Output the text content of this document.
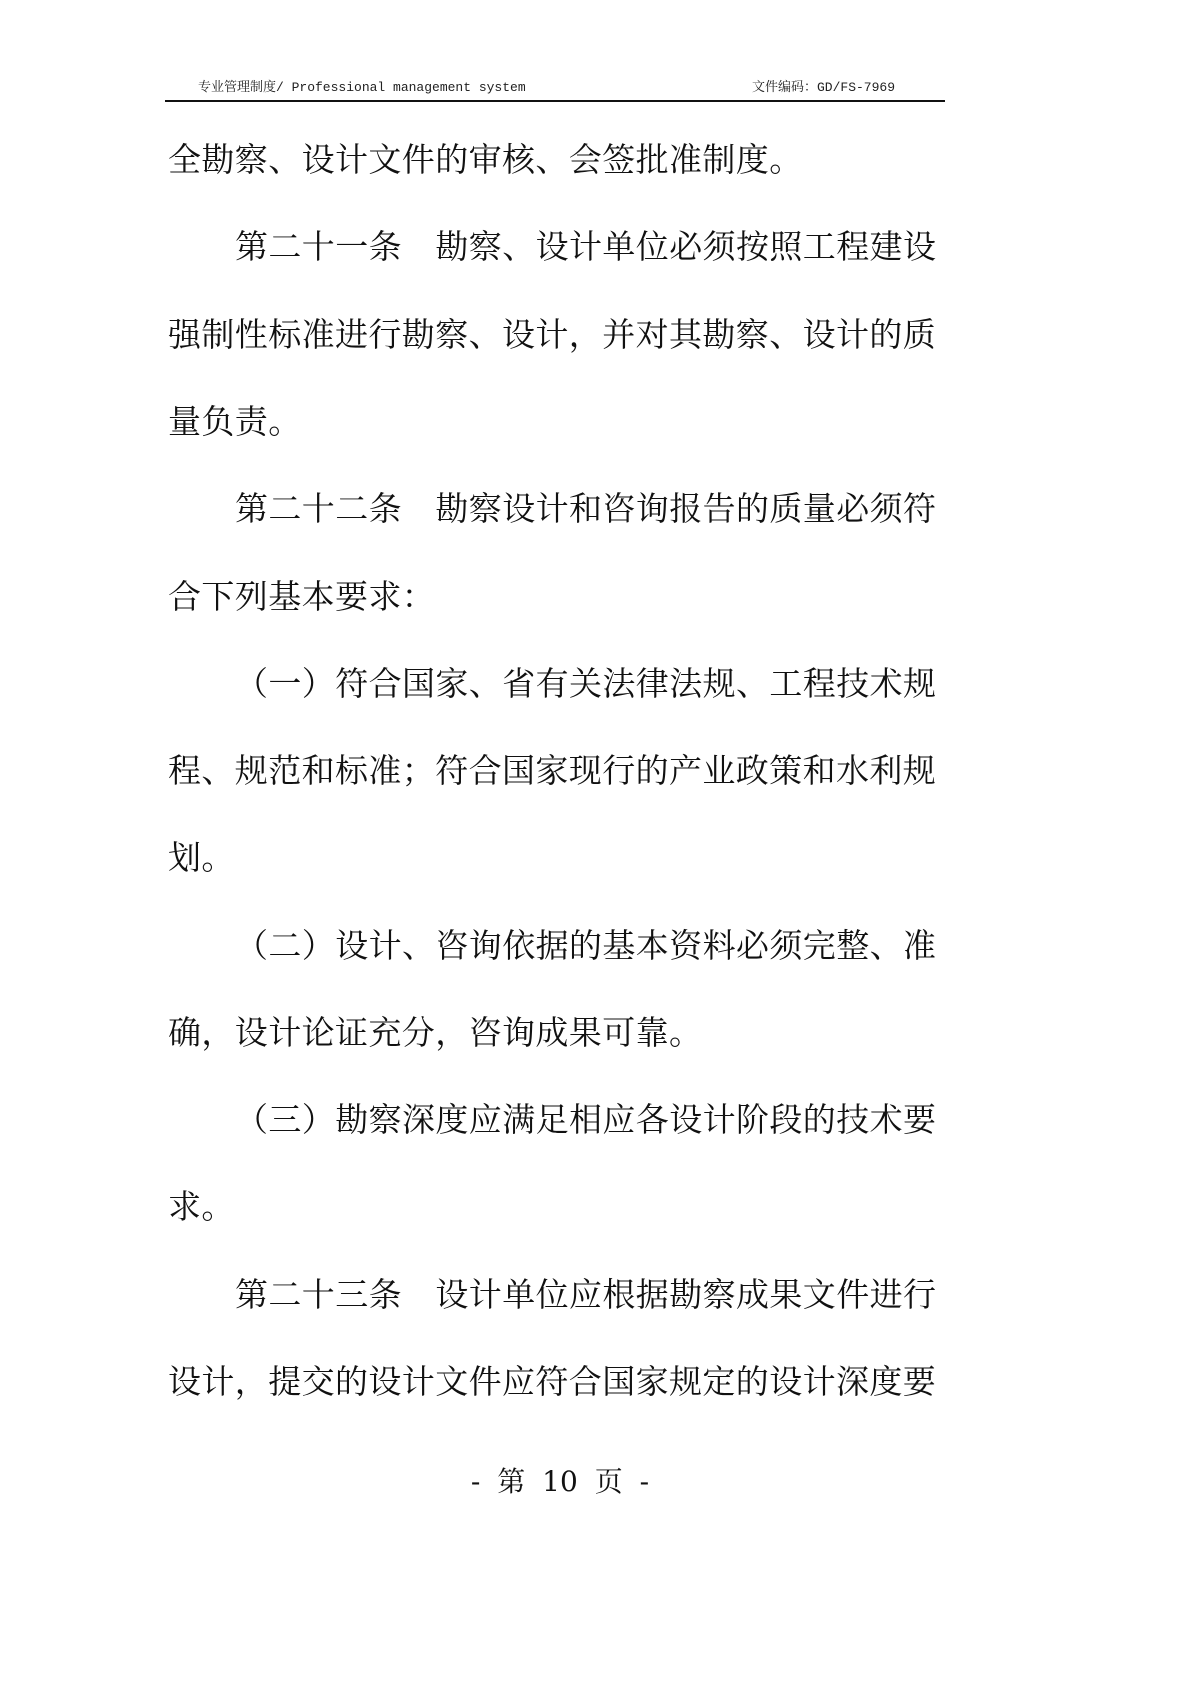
专业管理制度/ Professional management system	文件编码：GD/FS-7969
全勘察、设计文件的审核、会签批准制度。
第二十一条　勘察、设计单位必须按照工程建设
强制性标准进行勘察、设计，并对其勘察、设计的质
量负责。
第二十二条　勘察设计和咨询报告的质量必须符
合下列基本要求：
（一）符合国家、省有关法律法规、工程技术规
程、规范和标准；符合国家现行的产业政策和水利规
划。
（二）设计、咨询依据的基本资料必须完整、准
确，设计论证充分，咨询成果可靠。
（三）勘察深度应满足相应各设计阶段的技术要
求。
第二十三条　设计单位应根据勘察成果文件进行
设计，提交的设计文件应符合国家规定的设计深度要
- 第 10 页 -
